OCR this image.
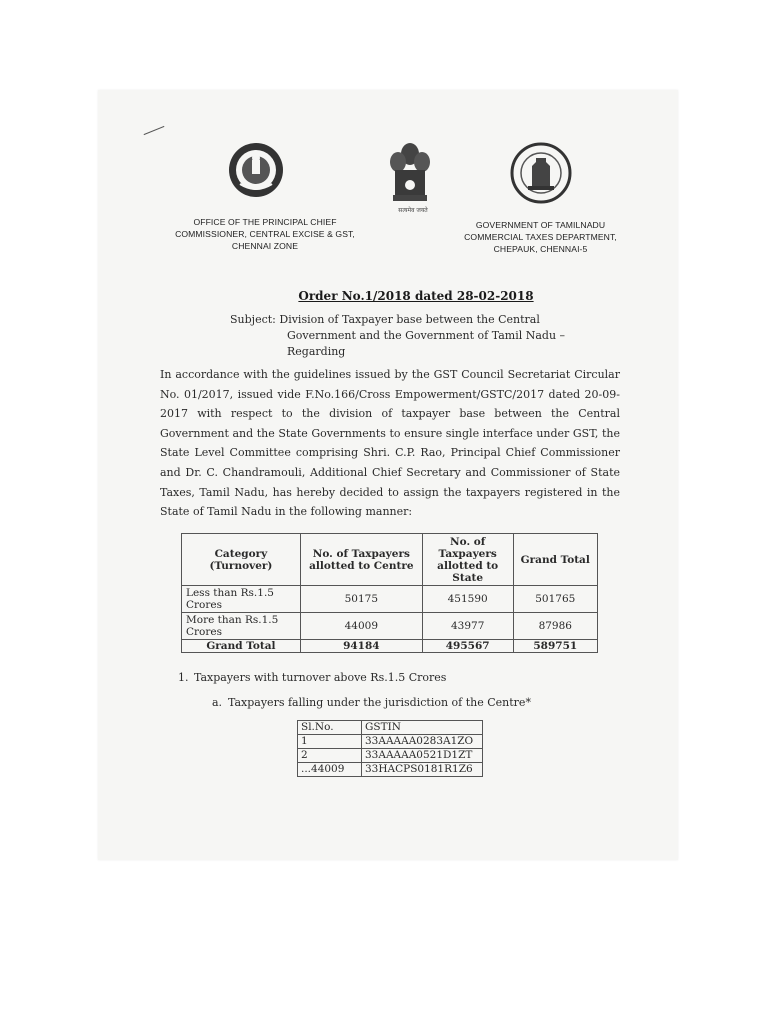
सत्यमेव जयते
OFFICE OF THE PRINCIPAL CHIEF
COMMISSIONER, CENTRAL EXCISE & GST,
CHENNAI ZONE
GOVERNMENT OF TAMILNADU
COMMERCIAL TAXES DEPARTMENT,
CHEPAUK, CHENNAI-5
Order No.1/2018 dated 28-02-2018
Subject: Division of Taxpayer base between the Central
Government and the Government of Tamil Nadu –
Regarding
In accordance with the guidelines issued by the GST Council Secretariat Circular No. 01/2017, issued vide F.No.166/Cross Empowerment/GSTC/2017 dated 20-09-2017 with respect to the division of taxpayer base between the Central Government and the State Governments to ensure single interface under GST, the State Level Committee comprising Shri. C.P. Rao, Principal Chief Commissioner and Dr. C. Chandramouli, Additional Chief Secretary and Commissioner of State Taxes, Tamil Nadu, has hereby decided to assign the taxpayers registered in the State of Tamil Nadu in the following manner:
Category (Turnover)	No. of Taxpayers allotted to Centre	No. of Taxpayers allotted to State	Grand Total
Less than Rs.1.5 Crores	50175	451590	501765
More than Rs.1.5 Crores	44009	43977	87986
Grand Total	94184	495567	589751
1. Taxpayers with turnover above Rs.1.5 Crores
a. Taxpayers falling under the jurisdiction of the Centre*
Sl.No.	GSTIN
1	33AAAAA0283A1ZO
2	33AAAAA0521D1ZT
...44009	33HACPS0181R1Z6
